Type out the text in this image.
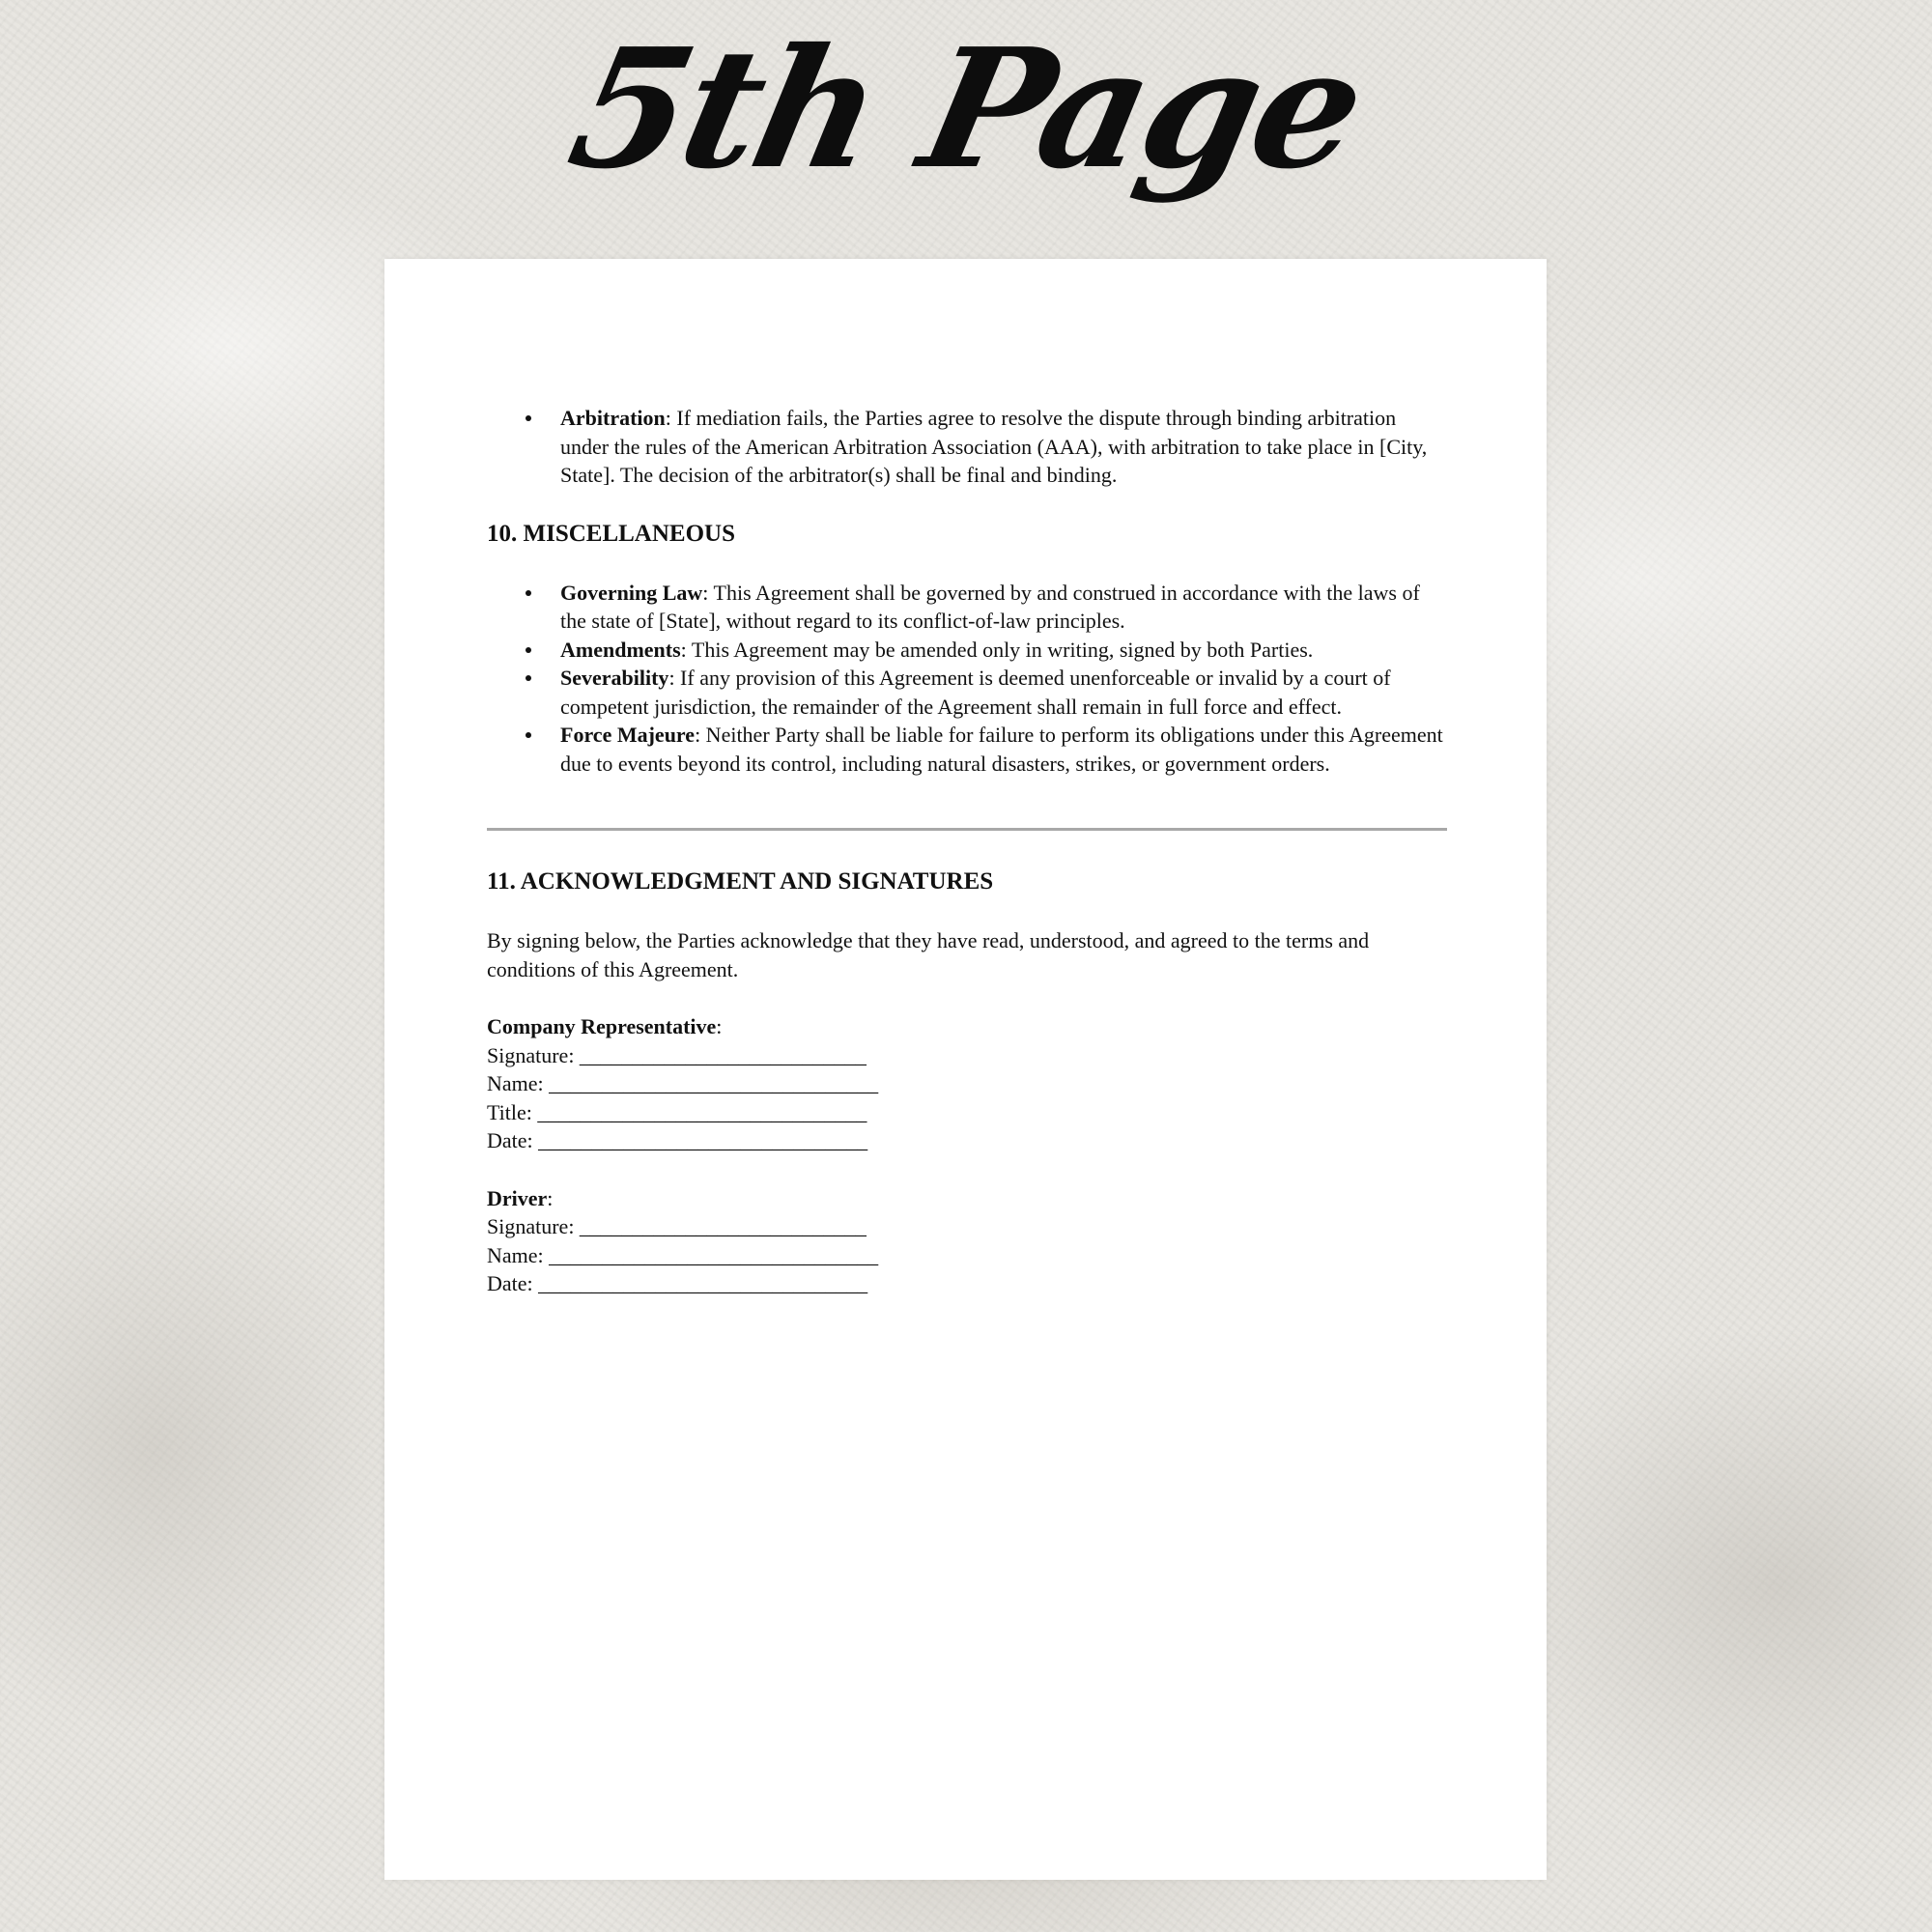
5th Page
Arbitration: If mediation fails, the Parties agree to resolve the dispute through binding arbitration under the rules of the American Arbitration Association (AAA), with arbitration to take place in [City, State]. The decision of the arbitrator(s) shall be final and binding.
10. MISCELLANEOUS
Governing Law: This Agreement shall be governed by and construed in accordance with the laws of the state of [State], without regard to its conflict-of-law principles.
Amendments: This Agreement may be amended only in writing, signed by both Parties.
Severability: If any provision of this Agreement is deemed unenforceable or invalid by a court of competent jurisdiction, the remainder of the Agreement shall remain in full force and effect.
Force Majeure: Neither Party shall be liable for failure to perform its obligations under this Agreement due to events beyond its control, including natural disasters, strikes, or government orders.
11. ACKNOWLEDGMENT AND SIGNATURES

By signing below, the Parties acknowledge that they have read, understood, and agreed to the terms and conditions of this Agreement.

Company Representative:
Signature: ___________________________
Name: _______________________________
Title: _______________________________
Date: _______________________________
Driver:
Signature: ___________________________
Name: _______________________________
Date: _______________________________
